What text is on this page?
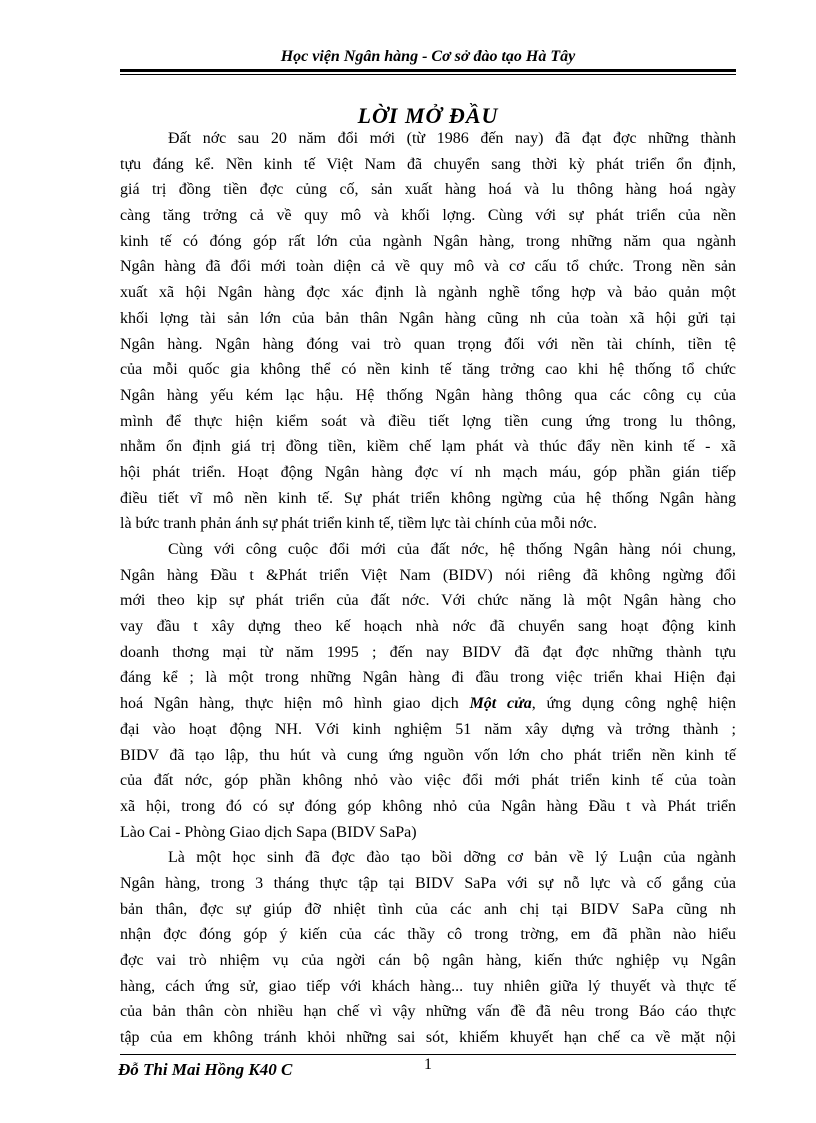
Học viện Ngân hàng - Cơ sở đào tạo Hà Tây
LỜI MỞ ĐẦU
Đất nớc sau 20 năm đổi mới (từ 1986 đến nay) đã đạt đợc những thành
tựu đáng kể. Nền kinh tế Việt Nam đã chuyển sang thời kỳ phát triển ổn định,
giá trị đồng tiền đợc củng cố, sản xuất hàng hoá và lu thông hàng hoá ngày
càng tăng trởng cả về quy mô và khối lợng. Cùng với sự phát triển của nền
kinh tế có đóng góp rất lớn của ngành Ngân hàng, trong những năm qua ngành
Ngân hàng đã đổi mới toàn diện cả về quy mô và cơ cấu tổ chức. Trong nền sản
xuất xã hội Ngân hàng đợc xác định là ngành nghề tổng hợp và bảo quản một
khối lợng tài sản lớn của bản thân Ngân hàng cũng nh của toàn xã hội gửi tại
Ngân hàng. Ngân hàng đóng vai trò quan trọng đối với nền tài chính, tiền tệ
của mỗi quốc gia không thể có nền kinh tế tăng trởng cao khi hệ thống tổ chức
Ngân hàng yếu kém lạc hậu. Hệ thống Ngân hàng thông qua các công cụ của
mình để thực hiện kiểm soát và điều tiết lợng tiền cung ứng trong lu thông,
nhằm ổn định giá trị đồng tiền, kiềm chế lạm phát và thúc đẩy nền kinh tế - xã
hội phát triển. Hoạt động Ngân hàng đợc ví nh mạch máu, góp phần gián tiếp
điều tiết vĩ mô nền kinh tế. Sự phát triển không ngừng của hệ thống Ngân hàng
là bức tranh phản ánh sự phát triển kinh tế, tiềm lực tài chính của mỗi nớc.
Cùng với công cuộc đổi mới của đất nớc, hệ thống Ngân hàng nói chung,
Ngân hàng Đầu t &Phát triển Việt Nam (BIDV) nói riêng đã không ngừng đổi
mới theo kịp sự phát triển của đất nớc. Với chức năng là một Ngân hàng cho
vay đầu t xây dựng theo kế hoạch nhà nớc đã chuyển sang hoạt động kinh
doanh thơng mại từ năm 1995 ; đến nay BIDV đã đạt đợc những thành tựu
đáng kể ; là một trong những Ngân hàng đi đầu trong việc triển khai Hiện đại
hoá Ngân hàng, thực hiện mô hình giao dịch Một cửa, ứng dụng công nghệ hiện
đại vào hoạt động NH. Với kinh nghiệm 51 năm xây dựng và trởng thành ;
BIDV đã tạo lập, thu hút và cung ứng nguồn vốn lớn cho phát triển nền kinh tế
của đất nớc, góp phần không nhỏ vào việc đổi mới phát triển kinh tế của toàn
xã hội, trong đó có sự đóng góp không nhỏ của Ngân hàng Đầu t và Phát triển
Lào Cai - Phòng Giao dịch Sapa (BIDV SaPa)
Là một học sinh đã đợc đào tạo bồi dỡng cơ bản về lý Luận của ngành
Ngân hàng, trong 3 tháng thực tập tại BIDV SaPa với sự nỗ lực và cố gắng của
bản thân, đợc sự giúp đỡ nhiệt tình của các anh chị tại BIDV SaPa cũng nh
nhận đợc đóng góp ý kiến của các thầy cô trong trờng, em đã phần nào hiểu
đợc vai trò nhiệm vụ của ngời cán bộ ngân hàng, kiến thức nghiệp vụ Ngân
hàng, cách ứng sử, giao tiếp với khách hàng... tuy nhiên giữa lý thuyết và thực tế
của bản thân còn nhiều hạn chế vì vậy những vấn đề đã nêu trong Báo cáo thực
tập của em không tránh khỏi những sai sót, khiếm khuyết hạn chế ca về mặt nội
Đỗ Thi Mai Hồng K40 C	1
